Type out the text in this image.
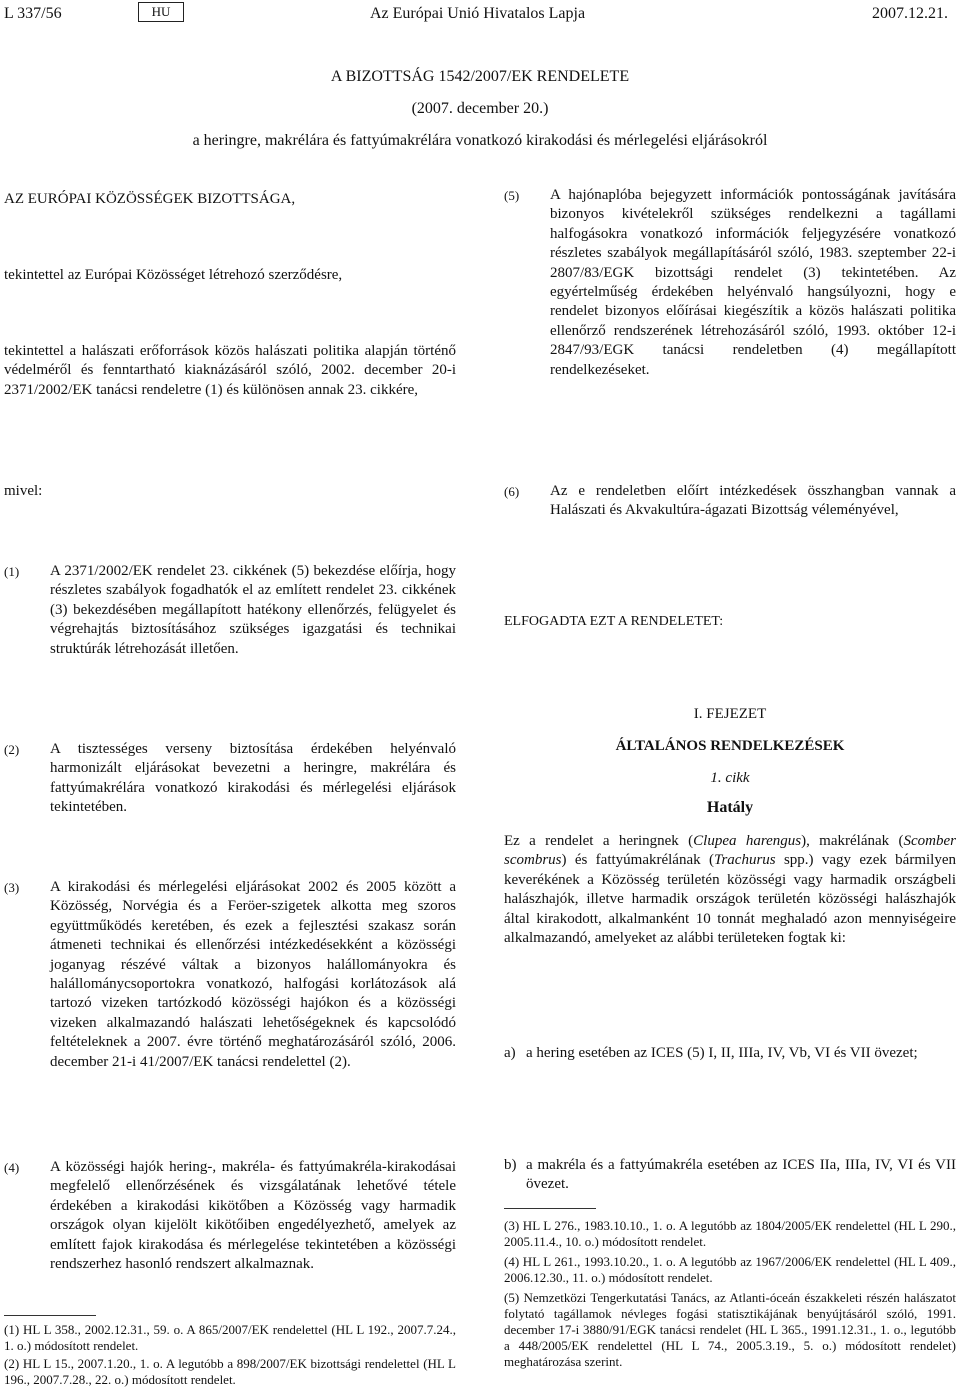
L 337/56	HU	Az Európai Unió Hivatalos Lapja	2007.12.21.
A BIZOTTSÁG 1542/2007/EK RENDELETE
(2007. december 20.)
a heringre, makrélára és fattyúmakrélára vonatkozó kirakodási és mérlegelési eljárásokról
AZ EURÓPAI KÖZÖSSÉGEK BIZOTTSÁGA,
tekintettel az Európai Közösséget létrehozó szerződésre,
tekintettel a halászati erőforrások közös halászati politika alapján történő védelméről és fenntartható kiaknázásáról szóló, 2002. december 20-i 2371/2002/EK tanácsi rendeletre (1) és különösen annak 23. cikkére,
mivel:
(1) A 2371/2002/EK rendelet 23. cikkének (5) bekezdése előírja, hogy részletes szabályok fogadhatók el az említett rendelet 23. cikkének (3) bekezdésében megállapított hatékony ellenőrzés, felügyelet és végrehajtás biztosításához szükséges igazgatási és technikai struktúrák létrehozását illetően.
(2) A tisztességes verseny biztosítása érdekében helyénvaló harmonizált eljárásokat bevezetni a heringre, makrélára és fattyúmakrélára vonatkozó kirakodási és mérlegelési eljárások tekintetében.
(3) A kirakodási és mérlegelési eljárásokat 2002 és 2005 között a Közösség, Norvégia és a Feröer-szigetek alkotta meg szoros együttműködés keretében, és ezek a fejlesztési szakasz során átmeneti technikai és ellenőrzési intézkedésekként a közösségi joganyag részévé váltak a bizonyos halállományokra és halállománycsoportokra vonatkozó, halfogási korlátozások alá tartozó vizeken tartózkodó közösségi hajókon és a közösségi vizeken alkalmazandó halászati lehetőségeknek és kapcsolódó feltételeknek a 2007. évre történő meghatározásáról szóló, 2006. december 21-i 41/2007/EK tanácsi rendelettel (2).
(4) A közösségi hajók hering-, makréla- és fattyúmakréla-kirakodásai megfelelő ellenőrzésének és vizsgálatának lehetővé tétele érdekében a kirakodási kikötőben a Közösség vagy harmadik országok olyan kijelölt kikötőiben engedélyezhető, amelyek az említett fajok kirakodása és mérlegelése tekintetében a közösségi rendszerhez hasonló rendszert alkalmaznak.
(1) HL L 358., 2002.12.31., 59. o. A 865/2007/EK rendelettel (HL L 192., 2007.7.24., 1. o.) módosított rendelet.
(2) HL L 15., 2007.1.20., 1. o. A legutóbb a 898/2007/EK bizottsági rendelettel (HL L 196., 2007.7.28., 22. o.) módosított rendelet.
(5) A hajónaplóba bejegyzett információk pontosságának javítására bizonyos kivételekről szükséges rendelkezni a tagállami halfogásokra vonatkozó információk feljegyzésére vonatkozó részletes szabályok megállapításáról szóló, 1983. szeptember 22-i 2807/83/EGK bizottsági rendelet (3) tekintetében. Az egyértelműség érdekében helyénvaló hangsúlyozni, hogy e rendelet bizonyos előírásai kiegészítik a közös halászati politika ellenőrző rendszerének létrehozásáról szóló, 1993. október 12-i 2847/93/EGK tanácsi rendeletben (4) megállapított rendelkezéseket.
(6) Az e rendeletben előírt intézkedések összhangban vannak a Halászati és Akvakultúra-ágazati Bizottság véleményével,
ELFOGADTA EZT A RENDELETET:
I. FEJEZET
ÁLTALÁNOS RENDELKEZÉSEK
1. cikk
Hatály
Ez a rendelet a heringnek (Clupea harengus), makrélának (Scomber scombrus) és fattyúmakrélának (Trachurus spp.) vagy ezek bármilyen keverékének a Közösség területén közösségi vagy harmadik országbeli halászhajók, illetve harmadik országok területén közösségi halászhajók által kirakodott, alkalmanként 10 tonnát meghaladó azon mennyiségeire alkalmazandó, amelyeket az alábbi területeken fogtak ki:
a) a hering esetében az ICES (5) I, II, IIIa, IV, Vb, VI és VII övezet;
b) a makréla és a fattyúmakréla esetében az ICES IIa, IIIa, IV, VI és VII övezet.
(3) HL L 276., 1983.10.10., 1. o. A legutóbb az 1804/2005/EK rendelettel (HL L 290., 2005.11.4., 10. o.) módosított rendelet.
(4) HL L 261., 1993.10.20., 1. o. A legutóbb az 1967/2006/EK rendelettel (HL L 409., 2006.12.30., 11. o.) módosított rendelet.
(5) Nemzetközi Tengerkutatási Tanács, az Atlanti-óceán északkeleti részén halászatot folytató tagállamok névleges fogási statisztikájának benyújtásáról szóló, 1991. december 17-i 3880/91/EGK tanácsi rendelet (HL L 365., 1991.12.31., 1. o., legutóbb a 448/2005/EK rendelettel (HL L 74., 2005.3.19., 5. o.) módosított rendelet) meghatározása szerint.
